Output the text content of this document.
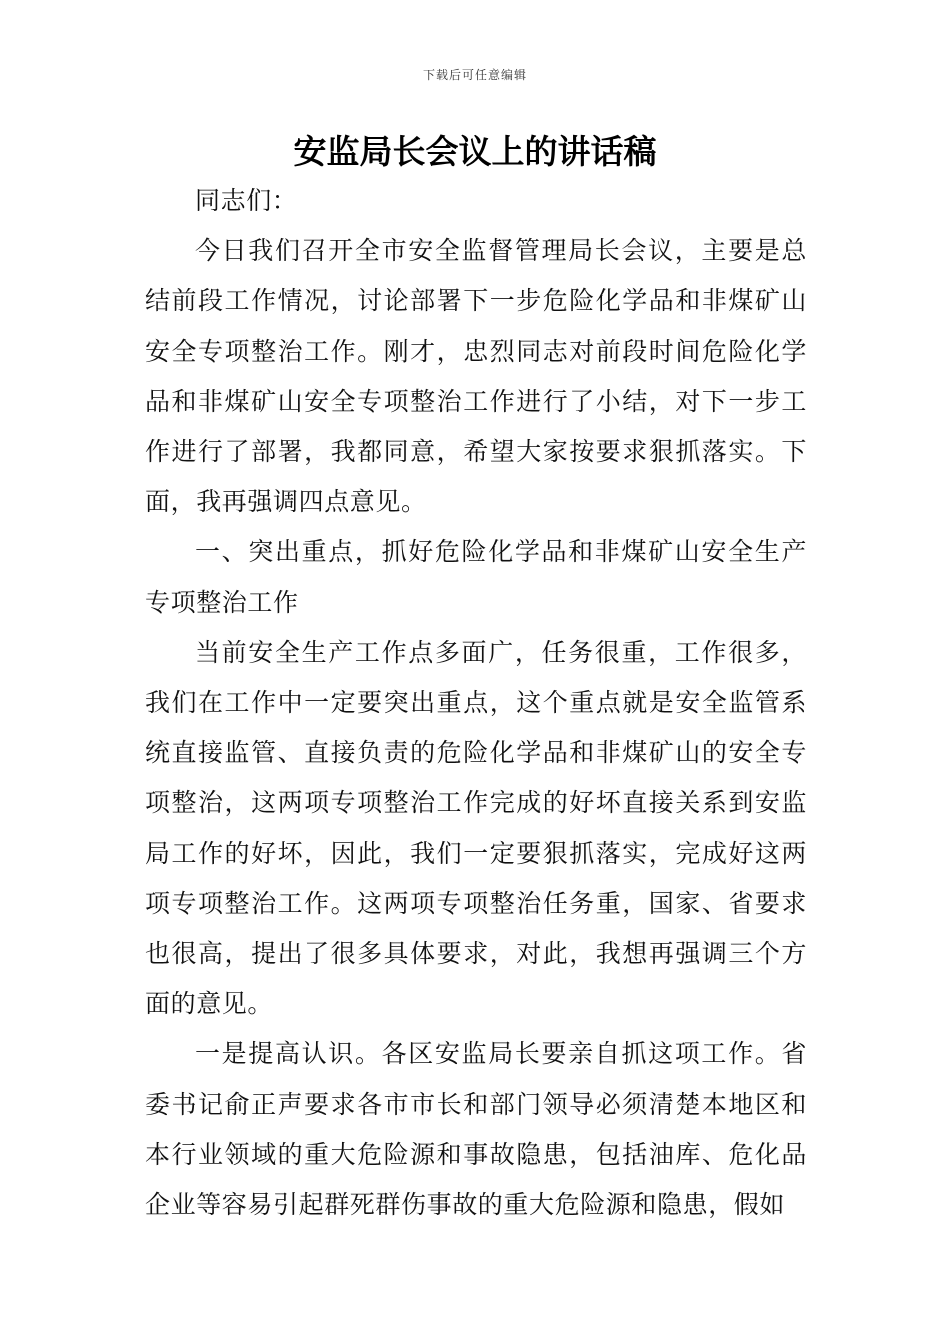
下载后可任意编辑
安监局长会议上的讲话稿

同志们：

今日我们召开全市安全监督管理局长会议，主要是总结前段工作情况，讨论部署下一步危险化学品和非煤矿山安全专项整治工作。刚才，忠烈同志对前段时间危险化学品和非煤矿山安全专项整治工作进行了小结，对下一步工作进行了部署，我都同意，希望大家按要求狠抓落实。下面，我再强调四点意见。

一、突出重点，抓好危险化学品和非煤矿山安全生产专项整治工作

当前安全生产工作点多面广，任务很重，工作很多，我们在工作中一定要突出重点，这个重点就是安全监管系统直接监管、直接负责的危险化学品和非煤矿山的安全专项整治，这两项专项整治工作完成的好坏直接关系到安监局工作的好坏，因此，我们一定要狠抓落实，完成好这两项专项整治工作。这两项专项整治任务重，国家、省要求也很高，提出了很多具体要求，对此，我想再强调三个方面的意见。

一是提高认识。各区安监局长要亲自抓这项工作。省委书记俞正声要求各市市长和部门领导必须清楚本地区和本行业领域的重大危险源和事故隐患，包括油库、危化品企业等容易引起群死群伤事故的重大危险源和隐患，假如
